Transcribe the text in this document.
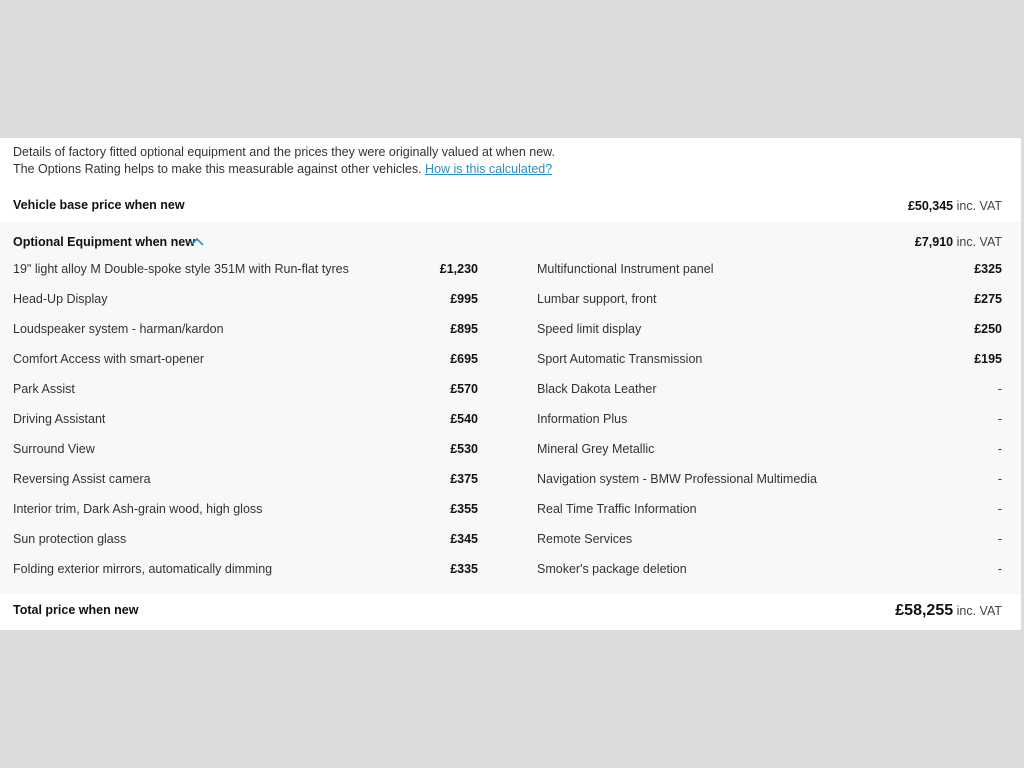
Details of factory fitted optional equipment and the prices they were originally valued at when new.
The Options Rating helps to make this measurable against other vehicles. How is this calculated?
Vehicle base price when new	£50,345 inc. VAT
Optional Equipment when new	£7,910 inc. VAT
19" light alloy M Double-spoke style 351M with Run-flat tyres	£1,230
Head-Up Display	£995
Loudspeaker system - harman/kardon	£895
Comfort Access with smart-opener	£695
Park Assist	£570
Driving Assistant	£540
Surround View	£530
Reversing Assist camera	£375
Interior trim, Dark Ash-grain wood, high gloss	£355
Sun protection glass	£345
Folding exterior mirrors, automatically dimming	£335
Multifunctional Instrument panel	£325
Lumbar support, front	£275
Speed limit display	£250
Sport Automatic Transmission	£195
Black Dakota Leather	-
Information Plus	-
Mineral Grey Metallic	-
Navigation system - BMW Professional Multimedia	-
Real Time Traffic Information	-
Remote Services	-
Smoker's package deletion	-
Total price when new	£58,255 inc. VAT
